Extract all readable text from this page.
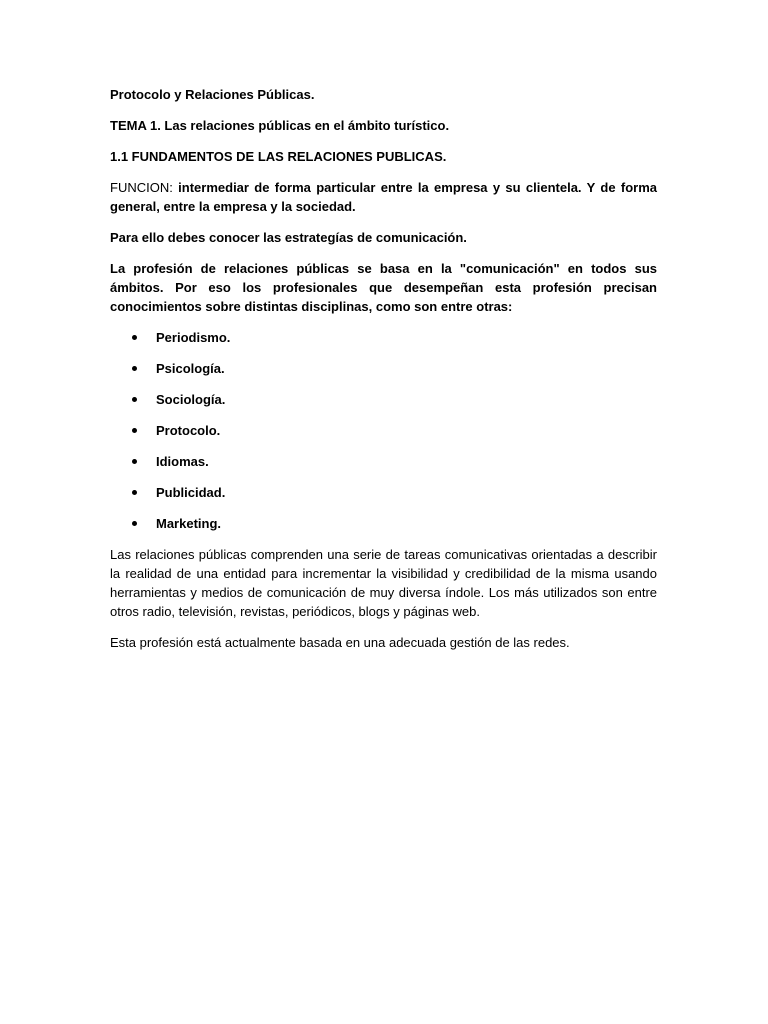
Protocolo y Relaciones Públicas.

TEMA 1. Las relaciones públicas en el ámbito turístico.

1.1 FUNDAMENTOS DE LAS RELACIONES PUBLICAS.

FUNCION: intermediar de forma particular entre la empresa y su clientela. Y de forma general, entre la empresa y la sociedad.

Para ello debes conocer las estrategías de comunicación.

La profesión de relaciones públicas se basa en la "comunicación" en todos sus ámbitos. Por eso los profesionales que desempeñan esta profesión precisan conocimientos sobre distintas disciplinas, como son entre otras:

Periodismo.
Psicología.
Sociología.
Protocolo.
Idiomas.
Publicidad.
Marketing.

Las relaciones públicas comprenden una serie de tareas comunicativas orientadas a describir la realidad de una entidad para incrementar la visibilidad y credibilidad de la misma usando herramientas y medios de comunicación de muy diversa índole. Los más utilizados son entre otros radio, televisión, revistas, periódicos, blogs y páginas web.

Esta profesión está actualmente basada en una adecuada gestión de las redes.
